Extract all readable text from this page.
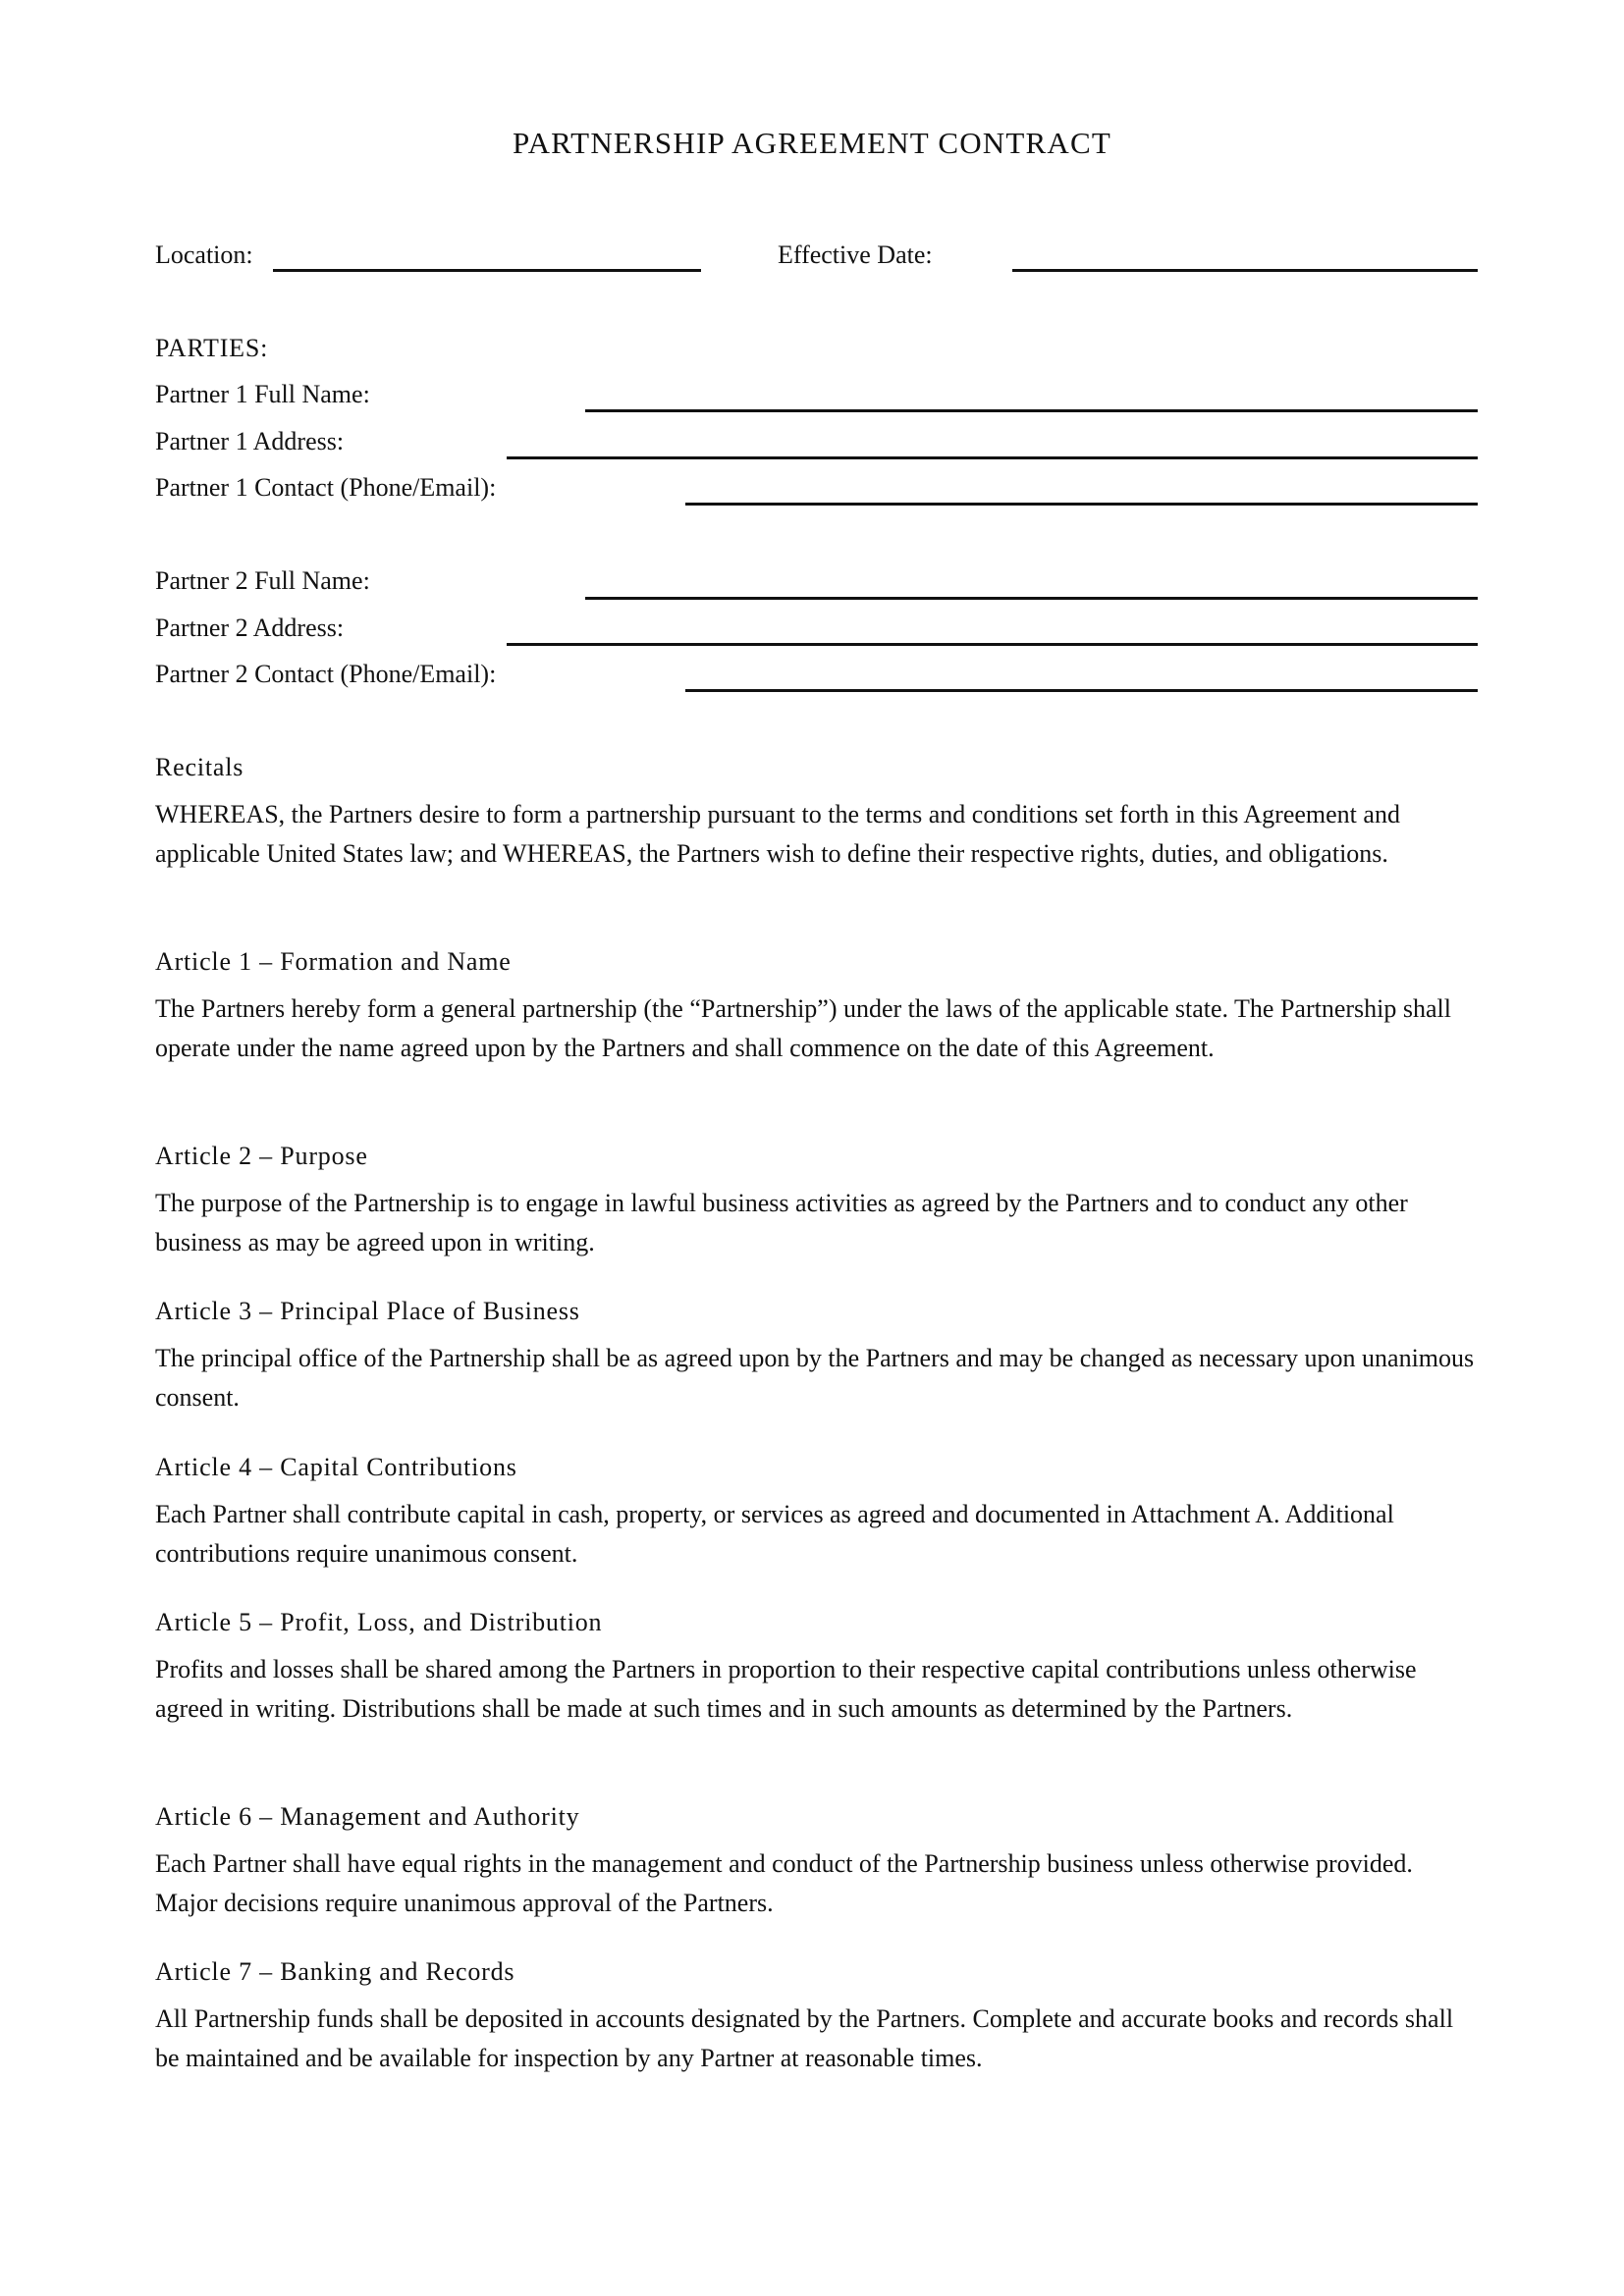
PARTNERSHIP AGREEMENT CONTRACT
Location:	Effective Date:
PARTIES:
Partner 1 Full Name:
Partner 1 Address:
Partner 1 Contact (Phone/Email):
Partner 2 Full Name:
Partner 2 Address:
Partner 2 Contact (Phone/Email):
Recitals

WHEREAS, the Partners desire to form a partnership pursuant to the terms and conditions set forth in this Agreement and applicable United States law; and WHEREAS, the Partners wish to define their respective rights, duties, and obligations.

Article 1 – Formation and Name

The Partners hereby form a general partnership (the “Partnership”) under the laws of the applicable state. The Partnership shall operate under the name agreed upon by the Partners and shall commence on the date of this Agreement.

Article 2 – Purpose

The purpose of the Partnership is to engage in lawful business activities as agreed by the Partners and to conduct any other business as may be agreed upon in writing.

Article 3 – Principal Place of Business

The principal office of the Partnership shall be as agreed upon by the Partners and may be changed as necessary upon unanimous consent.

Article 4 – Capital Contributions

Each Partner shall contribute capital in cash, property, or services as agreed and documented in Attachment A. Additional contributions require unanimous consent.

Article 5 – Profit, Loss, and Distribution

Profits and losses shall be shared among the Partners in proportion to their respective capital contributions unless otherwise agreed in writing. Distributions shall be made at such times and in such amounts as determined by the Partners.

Article 6 – Management and Authority

Each Partner shall have equal rights in the management and conduct of the Partnership business unless otherwise provided. Major decisions require unanimous approval of the Partners.

Article 7 – Banking and Records

All Partnership funds shall be deposited in accounts designated by the Partners. Complete and accurate books and records shall be maintained and be available for inspection by any Partner at reasonable times.
